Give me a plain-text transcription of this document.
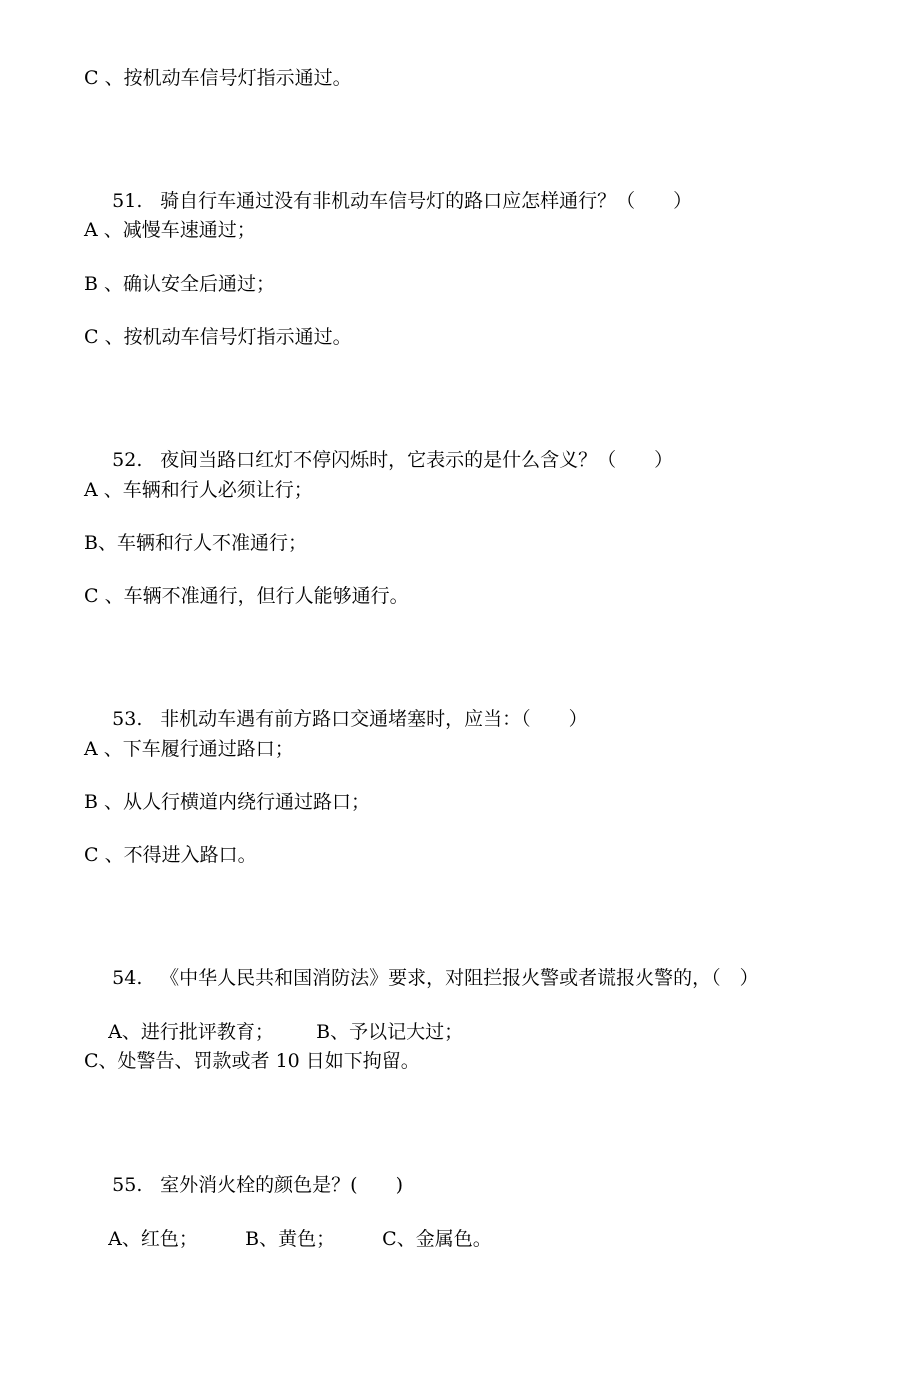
C 、按机动车信号灯指示通过。

51. 骑自行车通过没有非机动车信号灯的路口应怎样通行？（　　）

A 、减慢车速通过；
B 、确认安全后通过；
C 、按机动车信号灯指示通过。

52. 夜间当路口红灯不停闪烁时，它表示的是什么含义？（　　）

A 、车辆和行人必须让行；
B、车辆和行人不准通行；
C 、车辆不准通行，但行人能够通行。

53. 非机动车遇有前方路口交通堵塞时，应当：（　　）

A 、下车履行通过路口；
B 、从人行横道内绕行通过路口；
C 、不得进入路口。

54. 《中华人民共和国消防法》要求，对阻拦报火警或者谎报火警的，（　）

A、进行批评教育； B、予以记大过；

C、处警告、罚款或者 10 日如下拘留。

55. 室外消火栓的颜色是？(　　)

A、红色； B、黄色； C、金属色。
